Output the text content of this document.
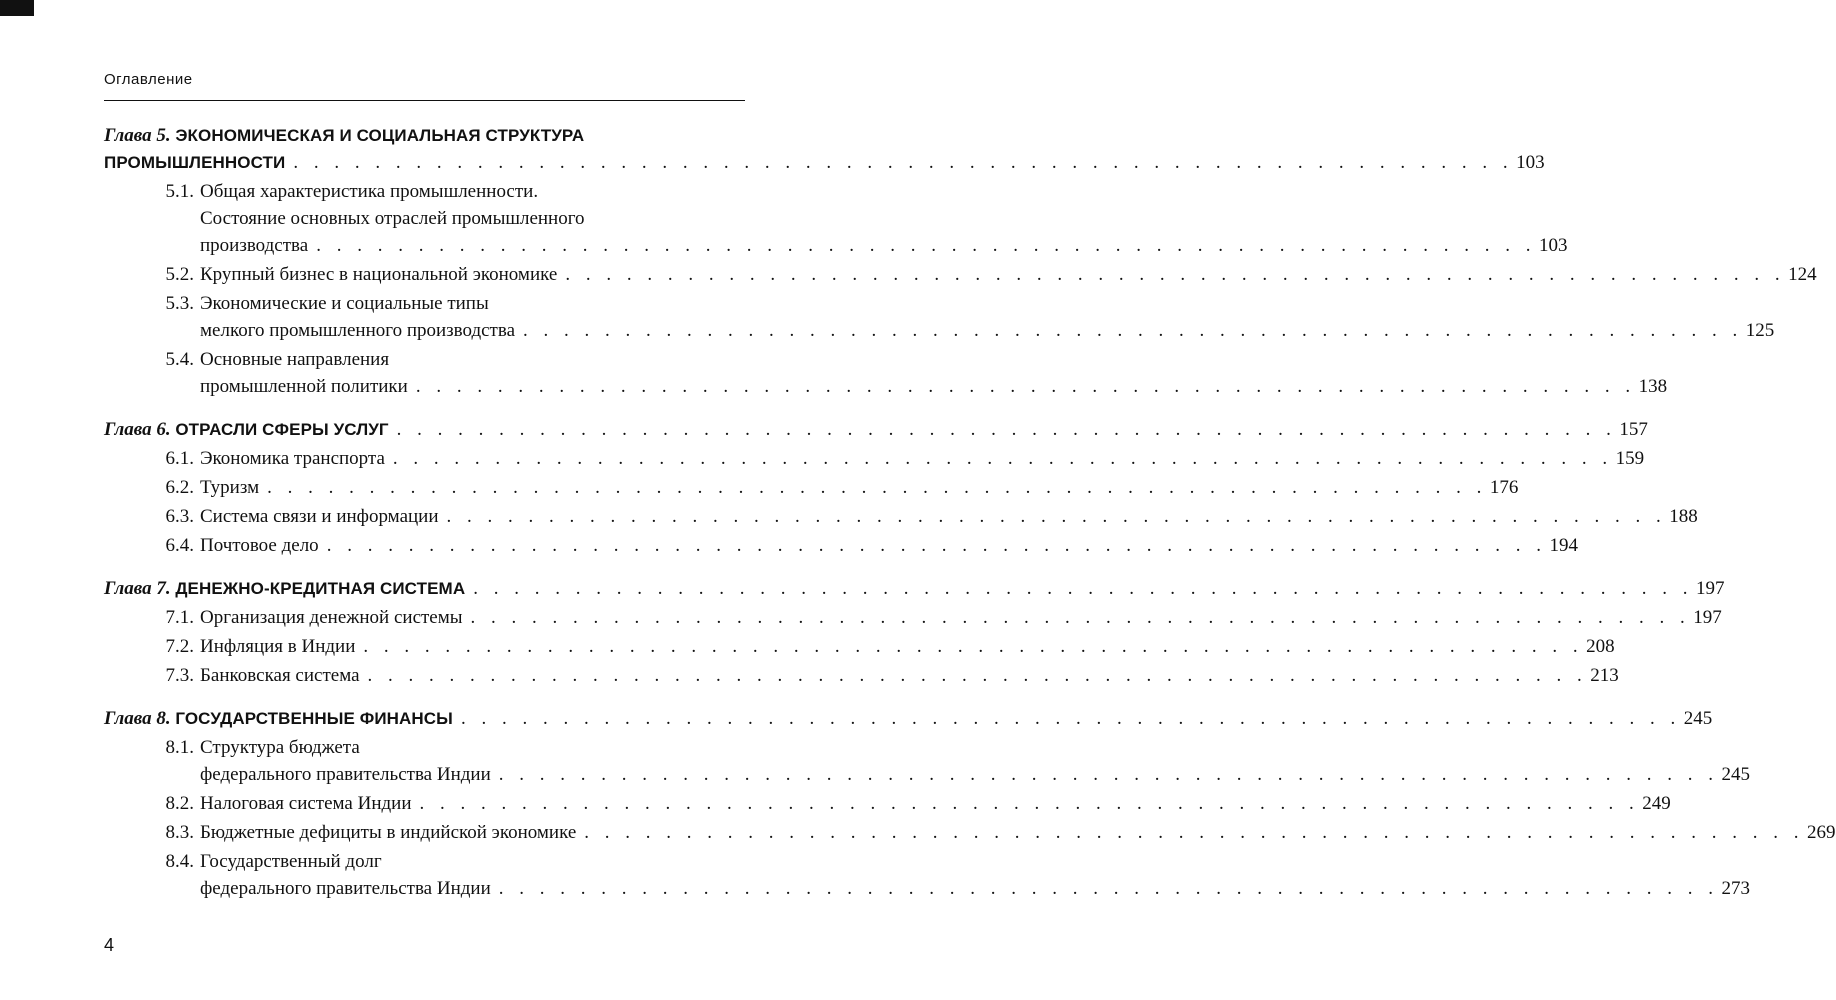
Оглавление
Глава 5. ЭКОНОМИЧЕСКАЯ И СОЦИАЛЬНАЯ СТРУКТУРА
ПРОМЫШЛЕННОСТИ . . . . . . . . . . . . . . . . . . . . . . . . . . . . . . . . . . . . . . . . . . . . . . . . . . . . . . . . . . . . 103
5.1. Общая характеристика промышленности.
Состояние основных отраслей промышленного
производства . . . . . . . . . . . . . . . . . . . . . . . . . . . . . . . . . . . . . . . . . . . . . . . . . . . . . . . . . . . . 103
5.2. Крупный бизнес в национальной экономике . . . . . . . . . . . . . . . . . . . . . . . . . . . . . . . . . . . . . . . . . . . . . . . . . . . . . . . . . . . . 124
5.3. Экономические и социальные типы
мелкого промышленного производства . . . . . . . . . . . . . . . . . . . . . . . . . . . . . . . . . . . . . . . . . . . . . . . . . . . . . . . . . . . . 125
5.4. Основные направления
промышленной политики . . . . . . . . . . . . . . . . . . . . . . . . . . . . . . . . . . . . . . . . . . . . . . . . . . . . . . . . . . . . 138
Глава 6. ОТРАСЛИ СФЕРЫ УСЛУГ . . . . . . . . . . . . . . . . . . . . . . . . . . . . . . . . . . . . . . . . . . . . . . . . . . . . . . . . . . . . 157
6.1. Экономика транспорта . . . . . . . . . . . . . . . . . . . . . . . . . . . . . . . . . . . . . . . . . . . . . . . . . . . . . . . . . . . . 159
6.2. Туризм . . . . . . . . . . . . . . . . . . . . . . . . . . . . . . . . . . . . . . . . . . . . . . . . . . . . . . . . . . . . 176
6.3. Система связи и информации . . . . . . . . . . . . . . . . . . . . . . . . . . . . . . . . . . . . . . . . . . . . . . . . . . . . . . . . . . . . 188
6.4. Почтовое дело . . . . . . . . . . . . . . . . . . . . . . . . . . . . . . . . . . . . . . . . . . . . . . . . . . . . . . . . . . . . 194
Глава 7. ДЕНЕЖНО-КРЕДИТНАЯ СИСТЕМА . . . . . . . . . . . . . . . . . . . . . . . . . . . . . . . . . . . . . . . . . . . . . . . . . . . . . . . . . . . . 197
7.1. Организация денежной системы . . . . . . . . . . . . . . . . . . . . . . . . . . . . . . . . . . . . . . . . . . . . . . . . . . . . . . . . . . . . 197
7.2. Инфляция в Индии . . . . . . . . . . . . . . . . . . . . . . . . . . . . . . . . . . . . . . . . . . . . . . . . . . . . . . . . . . . . 208
7.3. Банковская система . . . . . . . . . . . . . . . . . . . . . . . . . . . . . . . . . . . . . . . . . . . . . . . . . . . . . . . . . . . . 213
Глава 8. ГОСУДАРСТВЕННЫЕ ФИНАНСЫ . . . . . . . . . . . . . . . . . . . . . . . . . . . . . . . . . . . . . . . . . . . . . . . . . . . . . . . . . . . . 245
8.1. Структура бюджета
федерального правительства Индии . . . . . . . . . . . . . . . . . . . . . . . . . . . . . . . . . . . . . . . . . . . . . . . . . . . . . . . . . . . . 245
8.2. Налоговая система Индии . . . . . . . . . . . . . . . . . . . . . . . . . . . . . . . . . . . . . . . . . . . . . . . . . . . . . . . . . . . . 249
8.3. Бюджетные дефициты в индийской экономике . . . . . . . . . . . . . . . . . . . . . . . . . . . . . . . . . . . . . . . . . . . . . . . . . . . . . . . . . . . . 269
8.4. Государственный долг
федерального правительства Индии . . . . . . . . . . . . . . . . . . . . . . . . . . . . . . . . . . . . . . . . . . . . . . . . . . . . . . . . . . . . 273
4
